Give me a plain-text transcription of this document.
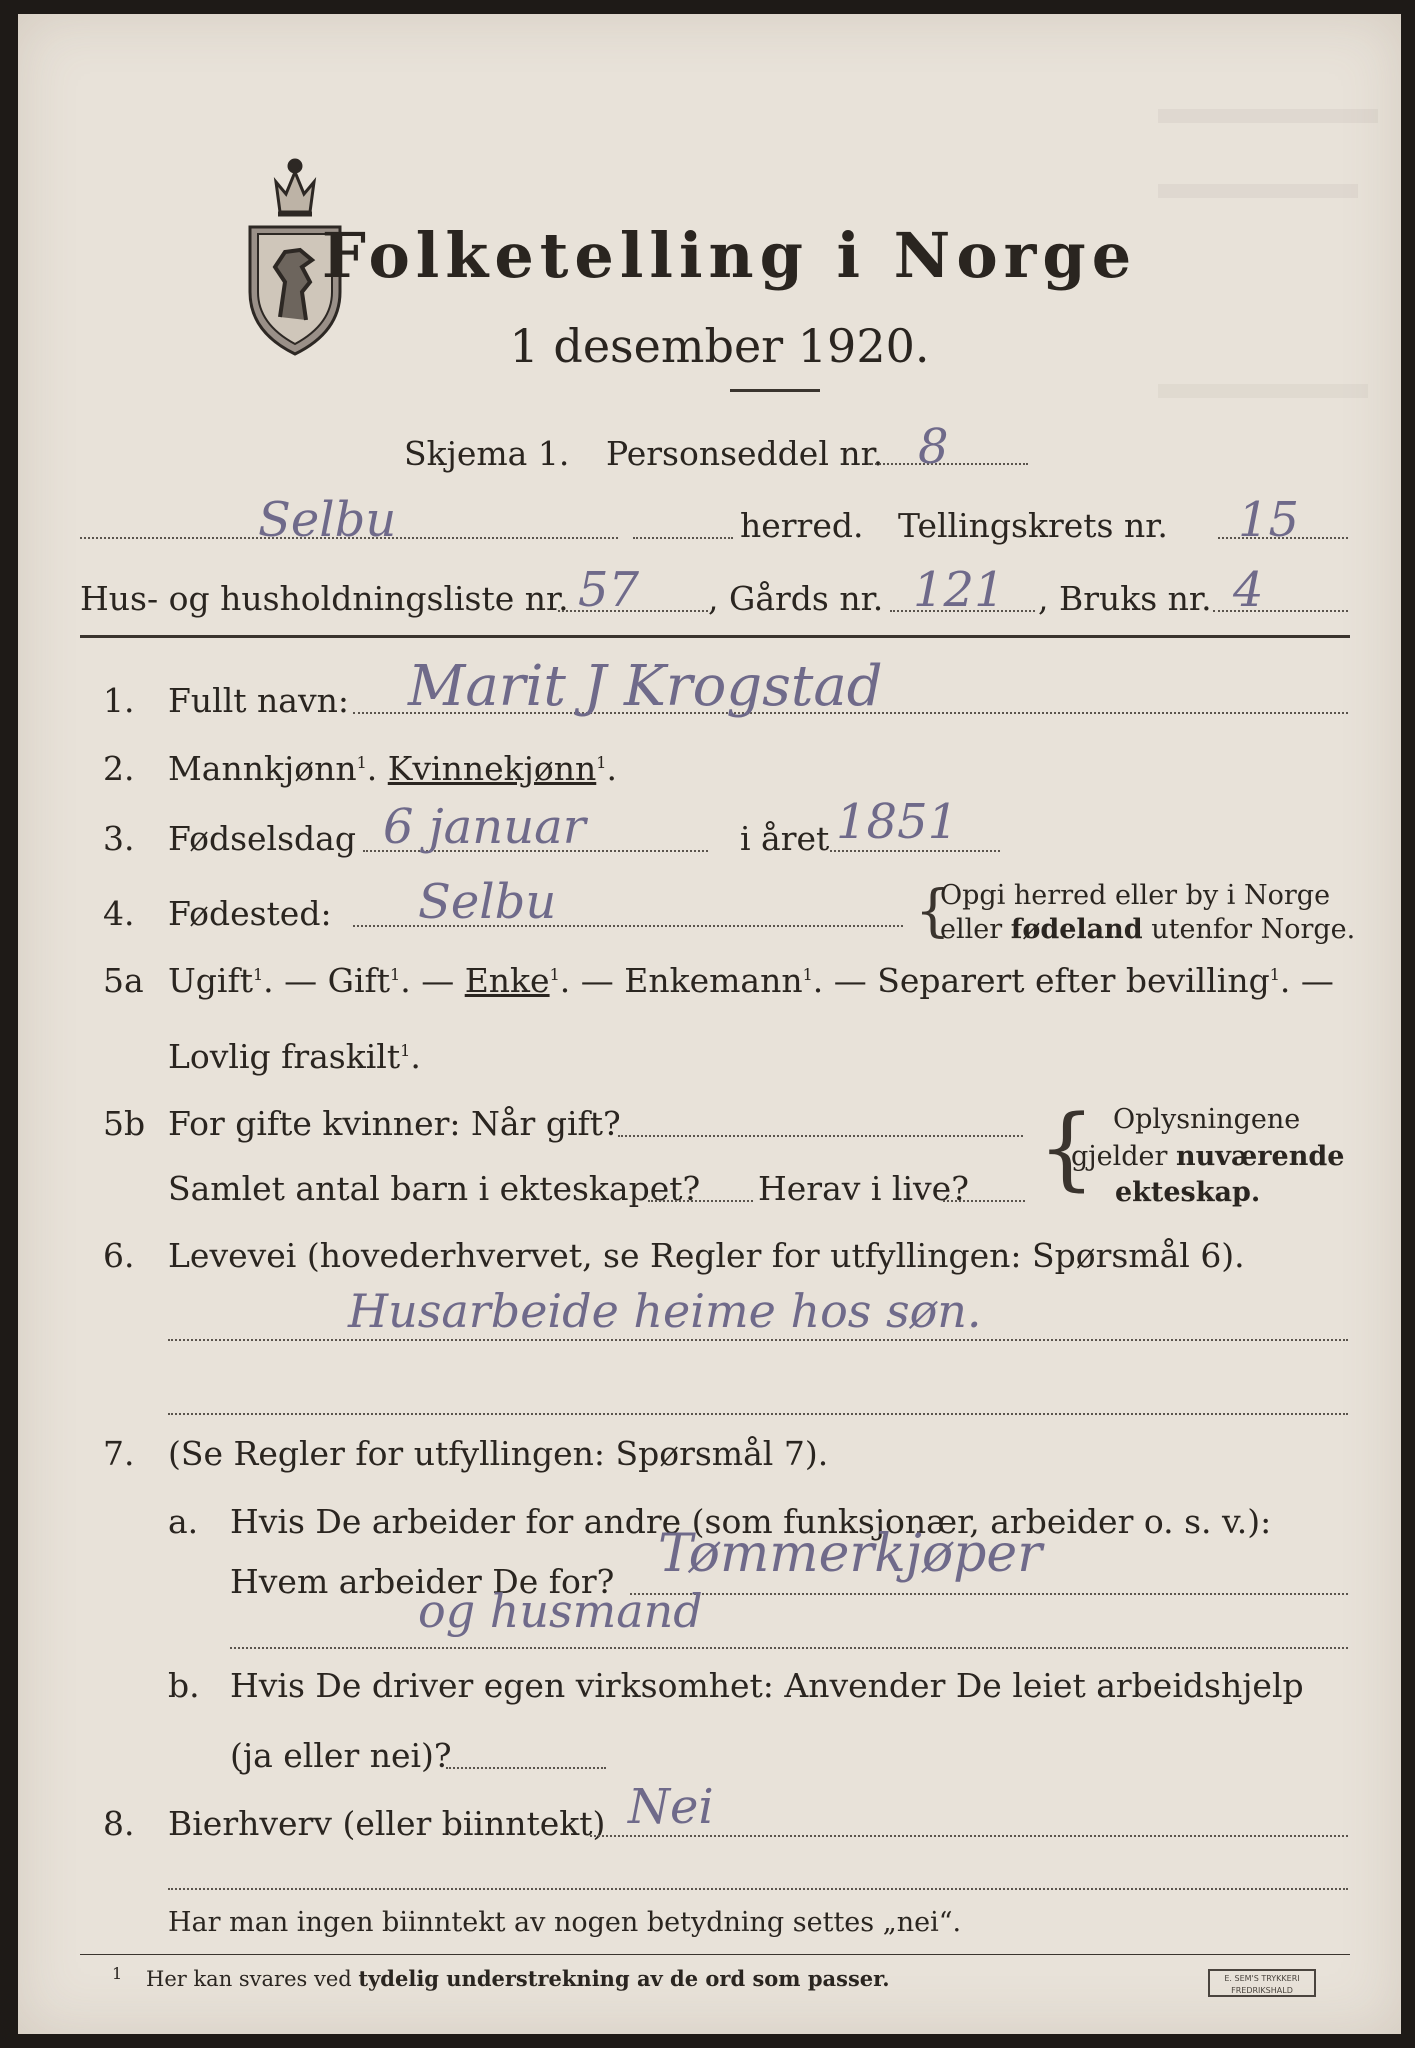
Folketelling i Norge
1 desember 1920.
Skjema 1. Personseddel nr. 8
Selbu	herred. Tellingskrets nr. 15
Hus- og husholdningsliste nr. 57 , Gårds nr. 121 , Bruks nr. 4
1. Fullt navn: Marit J Krogstad
2. Mannkjønn$^1$. Kvinnekjønn$^1$.
3. Fødselsdag 6 januar	i året 1851
4. Fødested: Selbu	{
Opgi herred eller by i Norge
eller fødeland utenfor Norge.
5a Ugift$^1$. — Gift$^1$. — Enke$^1$. — Enkemann$^1$. — Separert efter bevilling$^1$. —
Lovlig fraskilt$^1$.
5b For gifte kvinner: Når gift?
Samlet antal barn i ekteskapet? Herav i live? { Oplysningene
gjelder nuværende
ekteskap.
6. Levevei (hovederhvervet, se Regler for utfyllingen: Spørsmål 6).
Husarbeide heime hos søn.
7. (Se Regler for utfyllingen: Spørsmål 7).
a. Hvis De arbeider for andre (som funksjonær, arbeider o. s. v.):
Hvem arbeider De for? Tømmerkjøper
og husmand
b. Hvis De driver egen virksomhet: Anvender De leiet arbeidshjelp
(ja eller nei)?
8. Bierhverv (eller biinntekt) Nei
Har man ingen biinntekt av nogen betydning settes „nei“.
1 Her kan svares ved tydelig understrekning av de ord som passer.	E. SEM'S TRYKKERI
FREDRIKSHALD
